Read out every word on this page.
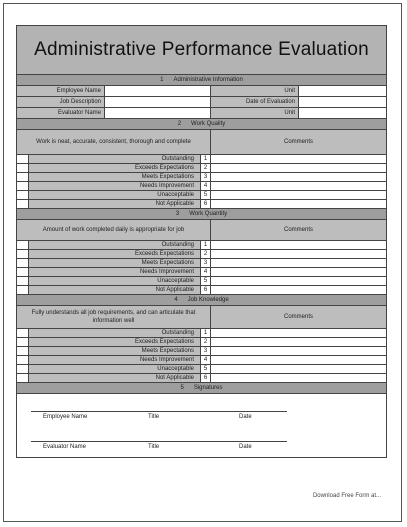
Administrative Performance Evaluation
1 Administrative Information
Employee Name	Unit
Job Description	Date of Evaluation
Evaluator Name	Unit
2 Work Quality
Work is neat, accurate, consistent, thorough and complete	Comments
Outstanding	1
Exceeds Expectations	2
Meets Expectations	3
Needs Improvement	4
Unacceptable	5
Not Applicable	6
3 Work Quantity
Amount of work completed daily is appropriate for job	Comments
Outstanding	1
Exceeds Expectations	2
Meets Expectations	3
Needs Improvement	4
Unacceptable	5
Not Applicable	6
4 Job Knowledge
Fully understands all job requirements, and can articulate that information well
Comments
Outstanding	1
Exceeds Expectations	2
Meets Expectations	3
Needs Improvement	4
Unacceptable	5
Not Applicable	6
5 Signatures
Employee Name	Title	Date
Evaluator Name	Title	Date
Download Free Form at...
